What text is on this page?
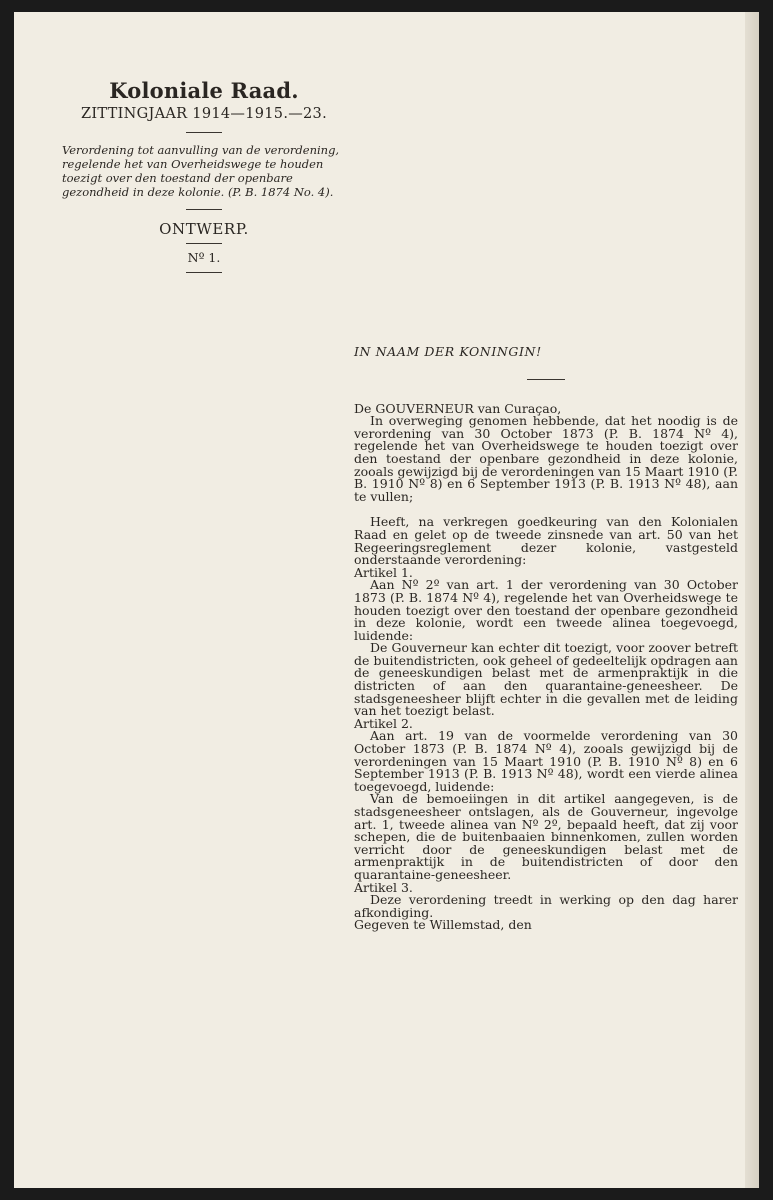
Koloniale Raad.
ZITTINGJAAR 1914—1915.—23.
Verordening tot aanvulling van de verordening, regelende het van Overheidswege te houden toezigt over den toestand der openbare gezondheid in deze kolonie. (P. B. 1874 No. 4).
ONTWERP.
Nº 1.

IN NAAM DER KONINGIN!

De GOUVERNEUR van Curaçao,

In overweging genomen hebbende, dat het noodig is de verordening van 30 October 1873 (P. B. 1874 Nº 4), regelende het van Overheidswege te houden toezigt over den toestand der openbare gezondheid in deze kolonie, zooals gewijzigd bij de verordeningen van 15 Maart 1910 (P. B. 1910 Nº 8) en 6 September 1913 (P. B. 1913 Nº 48), aan te vullen;

Heeft, na verkregen goedkeuring van den Kolonialen Raad en gelet op de tweede zinsnede van art. 50 van het Regeeringsreglement dezer kolonie, vastgesteld onderstaande verordening:

Artikel 1.

Aan Nº 2º van art. 1 der verordening van 30 October 1873 (P. B. 1874 Nº 4), regelende het van Overheidswege te houden toezigt over den toestand der openbare gezondheid in deze kolonie, wordt een tweede alinea toegevoegd, luidende:

De Gouverneur kan echter dit toezigt, voor zoover betreft de buitendistricten, ook geheel of gedeeltelijk opdragen aan de geneeskundigen belast met de armenpraktijk in die districten of aan den quarantaine-geneesheer. De stadsgeneesheer blijft echter in die gevallen met de leiding van het toezigt belast.

Artikel 2.

Aan art. 19 van de voormelde verordening van 30 October 1873 (P. B. 1874 Nº 4), zooals gewijzigd bij de verordeningen van 15 Maart 1910 (P. B. 1910 Nº 8) en 6 September 1913 (P. B. 1913 Nº 48), wordt een vierde alinea toegevoegd, luidende:

Van de bemoeiingen in dit artikel aangegeven, is de stadsgeneesheer ontslagen, als de Gouverneur, ingevolge art. 1, tweede alinea van Nº 2º, bepaald heeft, dat zij voor schepen, die de buitenbaaien binnenkomen, zullen worden verricht door de geneeskundigen belast met de armenpraktijk in de buitendistricten of door den quarantaine-geneesheer.

Artikel 3.

Deze verordening treedt in werking op den dag harer afkondiging.

Gegeven te Willemstad, den
